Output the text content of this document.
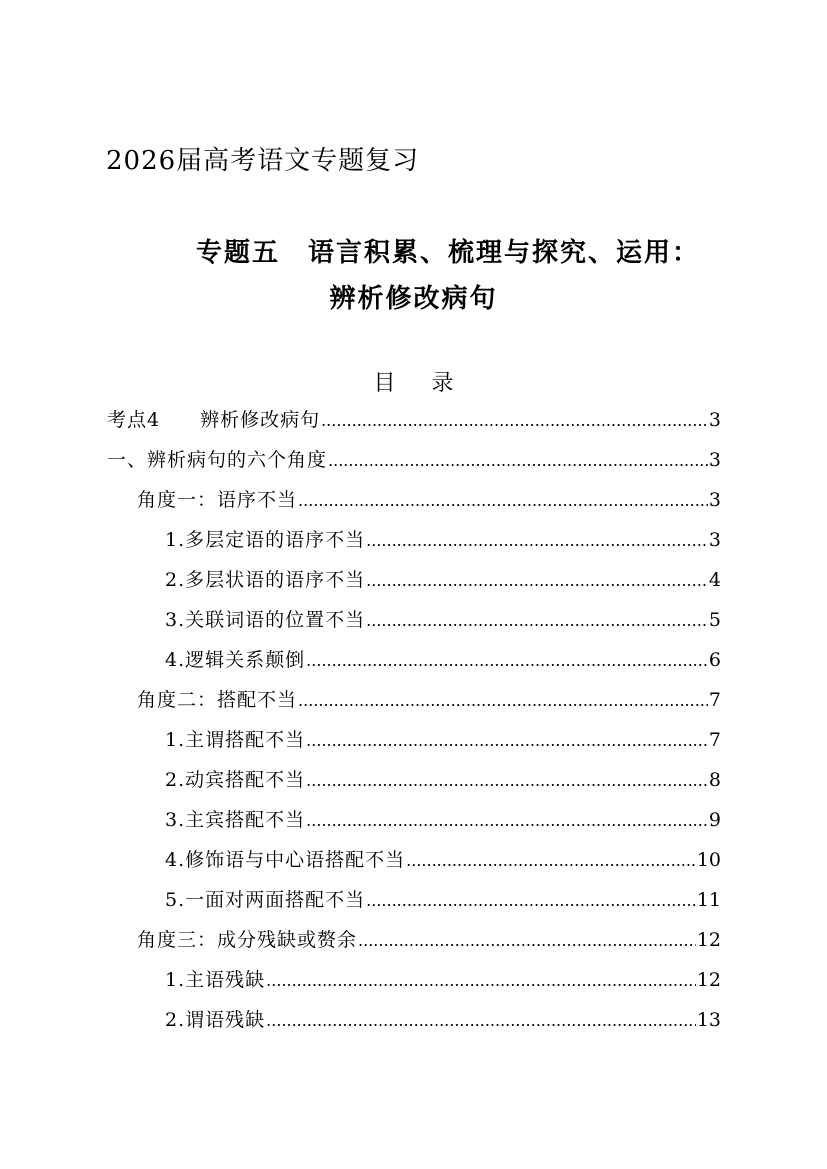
2026届高考语文专题复习
专题五　语言积累、梳理与探究、运用：
辨析修改病句
目录
考点4　　辨析修改病句 .....	3
一、辨析病句的六个角度 .....	3
角度一：语序不当 .....	3
1.多层定语的语序不当 .....	3
2.多层状语的语序不当 .....	4
3.关联词语的位置不当 .....	5
4.逻辑关系颠倒 .....	6
角度二：搭配不当 .....	7
1.主谓搭配不当 .....	7
2.动宾搭配不当 .....	8
3.主宾搭配不当 .....	9
4.修饰语与中心语搭配不当 .....	10
5.一面对两面搭配不当 .....	11
角度三：成分残缺或赘余 .....	12
1.主语残缺 .....	12
2.谓语残缺 .....	13
